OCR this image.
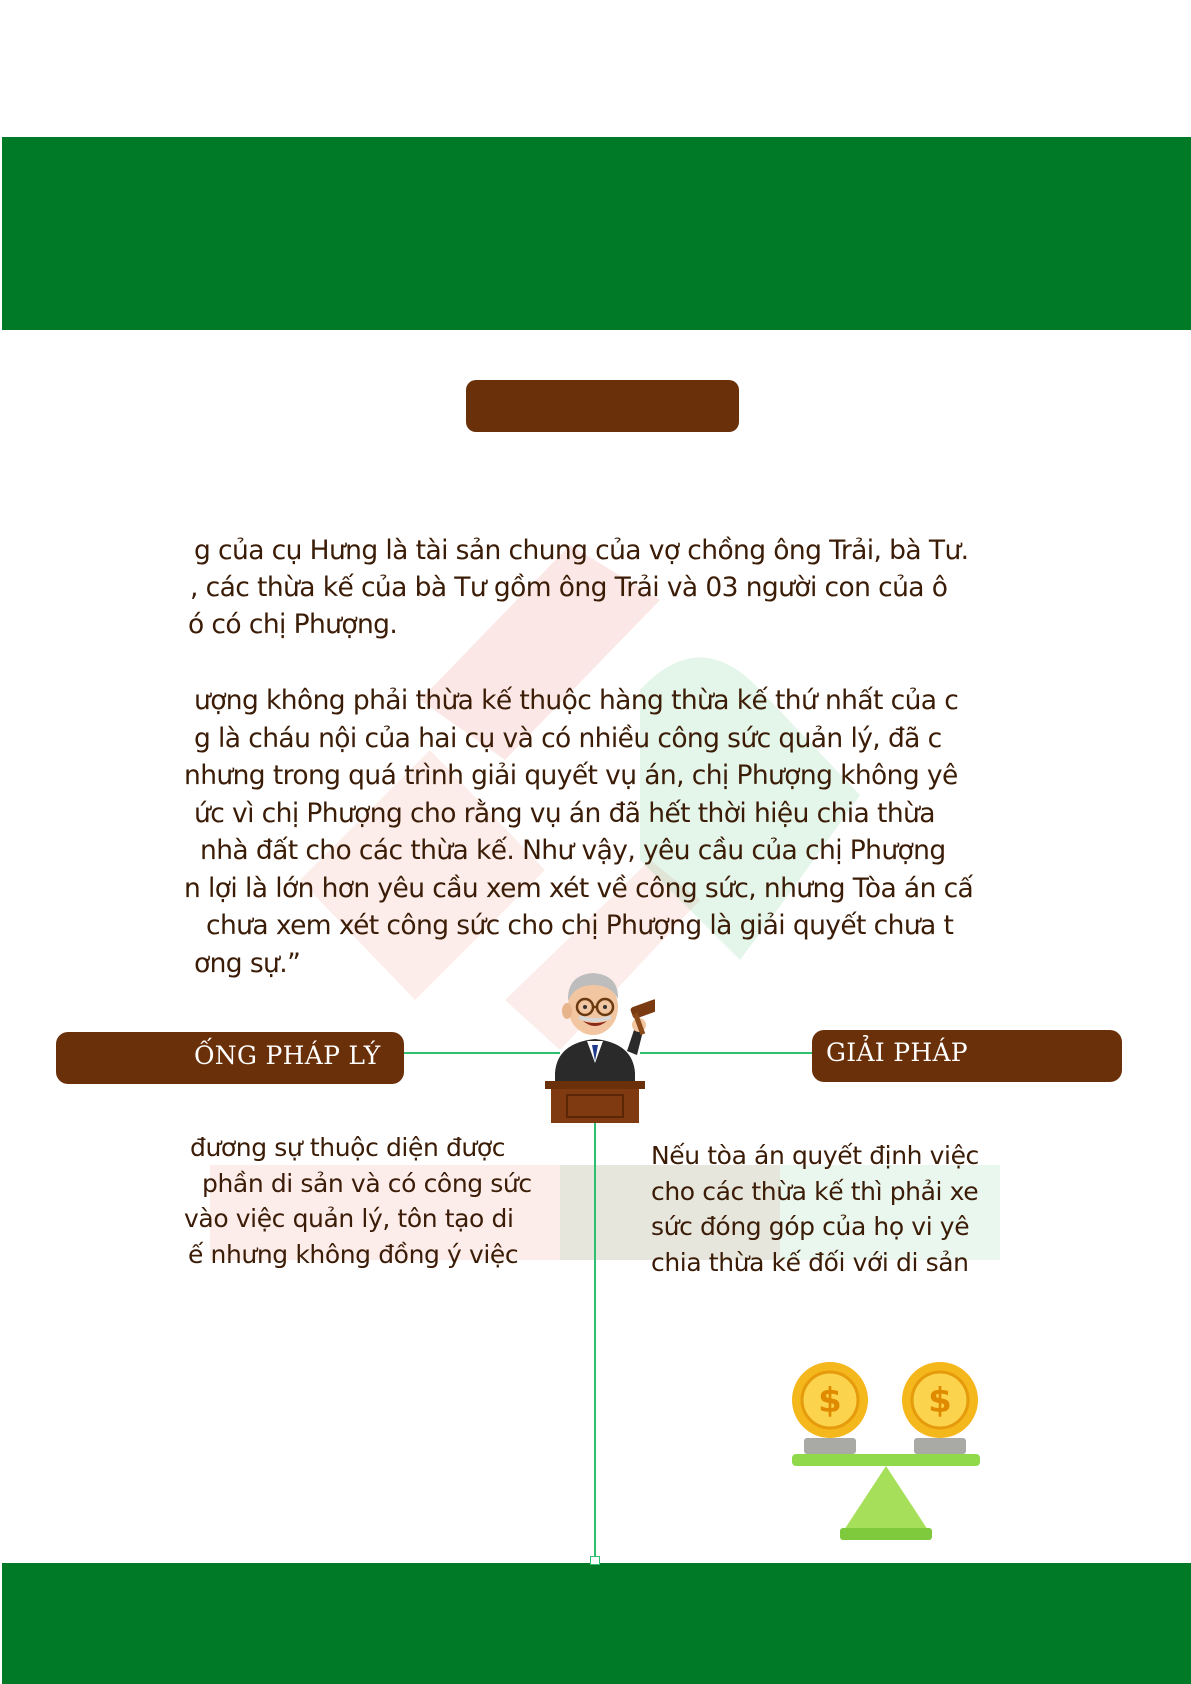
g của cụ Hưng là tài sản chung của vợ chồng ông Trải, bà Tư.
, các thừa kế của bà Tư gồm ông Trải và 03 người con của ô
ó có chị Phượng.
ượng không phải thừa kế thuộc hàng thừa kế thứ nhất của c
g là cháu nội của hai cụ và có nhiều công sức quản lý, đã c
nhưng trong quá trình giải quyết vụ án, chị Phượng không yê
ức vì chị Phượng cho rằng vụ án đã hết thời hiệu chia thừa
nhà đất cho các thừa kế. Như vậy, yêu cầu của chị Phượng
n lợi là lớn hơn yêu cầu xem xét về công sức, nhưng Tòa án cấ
chưa xem xét công sức cho chị Phượng là giải quyết chưa t
ơng sự.”
ỐNG PHÁP LÝ	GIẢI PHÁP
đương sự thuộc diện được
phần di sản và có công sức
vào việc quản lý, tôn tạo di
ế nhưng không đồng ý việc
Nếu tòa án quyết định việc
cho các thừa kế thì phải xe
sức đóng góp của họ vi yê
chia thừa kế đối với di sản
$	$
